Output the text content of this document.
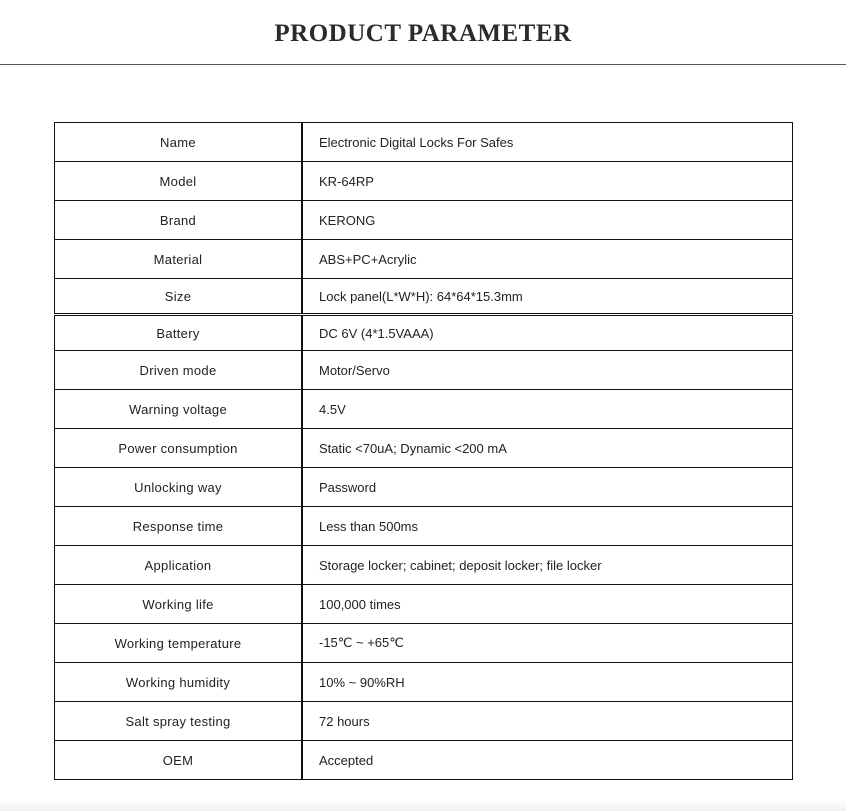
PRODUCT PARAMETER
Name	Electronic Digital Locks For Safes
Model	KR-64RP
Brand	KERONG
Material	ABS+PC+Acrylic
Size	Lock panel(L*W*H): 64*64*15.3mm
Battery	DC 6V (4*1.5VAAA)
Driven mode	Motor/Servo
Warning voltage	4.5V
Power consumption	Static <70uA; Dynamic <200 mA
Unlocking way	Password
Response time	Less than 500ms
Application	Storage locker; cabinet; deposit locker; file locker
Working life	100,000 times
Working temperature	-15℃ ~ +65℃
Working humidity	10% ~ 90%RH
Salt spray testing	72 hours
OEM	Accepted
